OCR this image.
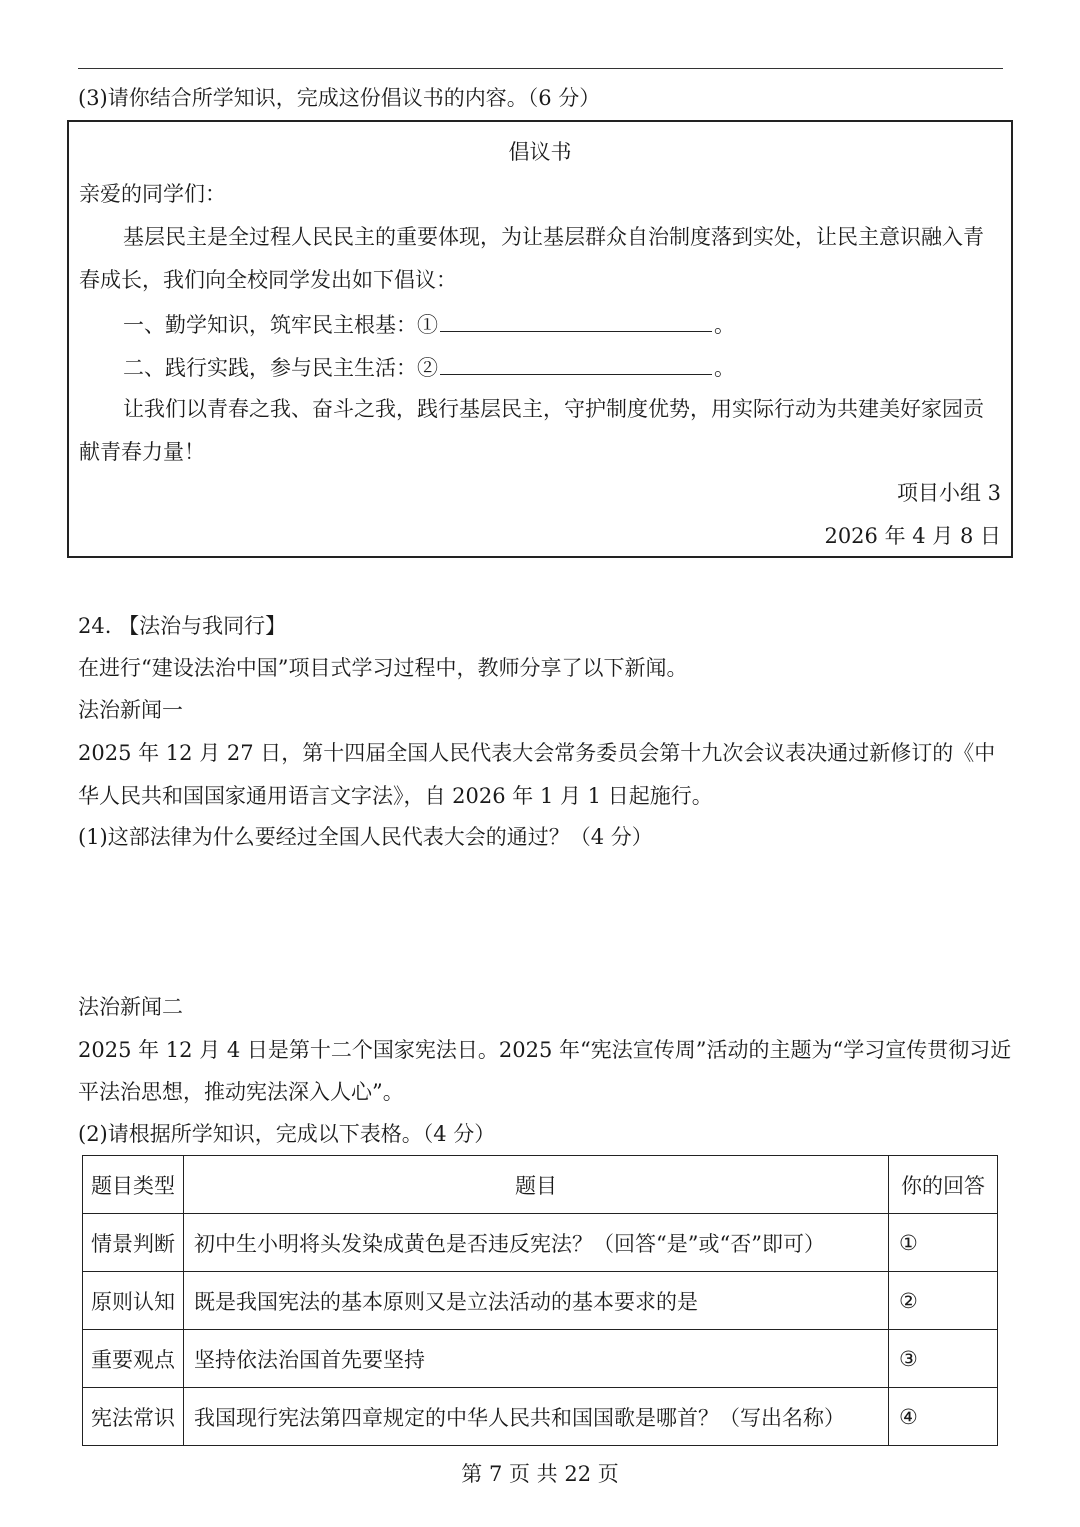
(3)请你结合所学知识，完成这份倡议书的内容。（6 分）
倡议书
亲爱的同学们：
基层民主是全过程人民民主的重要体现，为让基层群众自治制度落到实处，让民主意识融入青
春成长，我们向全校同学发出如下倡议：
一、勤学知识，筑牢民主根基：①	。
二、践行实践，参与民主生活：②	。
让我们以青春之我、奋斗之我，践行基层民主，守护制度优势，用实际行动为共建美好家园贡
献青春力量！
项目小组 3
2026 年 4 月 8 日
24. 【法治与我同行】
在进行“建设法治中国”项目式学习过程中，教师分享了以下新闻。
法治新闻一
2025 年 12 月 27 日，第十四届全国人民代表大会常务委员会第十九次会议表决通过新修订的《中
华人民共和国国家通用语言文字法》，自 2026 年 1 月 1 日起施行。
(1)这部法律为什么要经过全国人民代表大会的通过？（4 分）
法治新闻二
2025 年 12 月 4 日是第十二个国家宪法日。2025 年“宪法宣传周”活动的主题为“学习宣传贯彻习近
平法治思想，推动宪法深入人心”。
(2)请根据所学知识，完成以下表格。（4 分）
题目类型	题目	你的回答
情景判断	初中生小明将头发染成黄色是否违反宪法？（回答“是”或“否”即可）	①
原则认知	既是我国宪法的基本原则又是立法活动的基本要求的是	②
重要观点	坚持依法治国首先要坚持	③
宪法常识	我国现行宪法第四章规定的中华人民共和国国歌是哪首？（写出名称）	④
第 7 页 共 22 页
